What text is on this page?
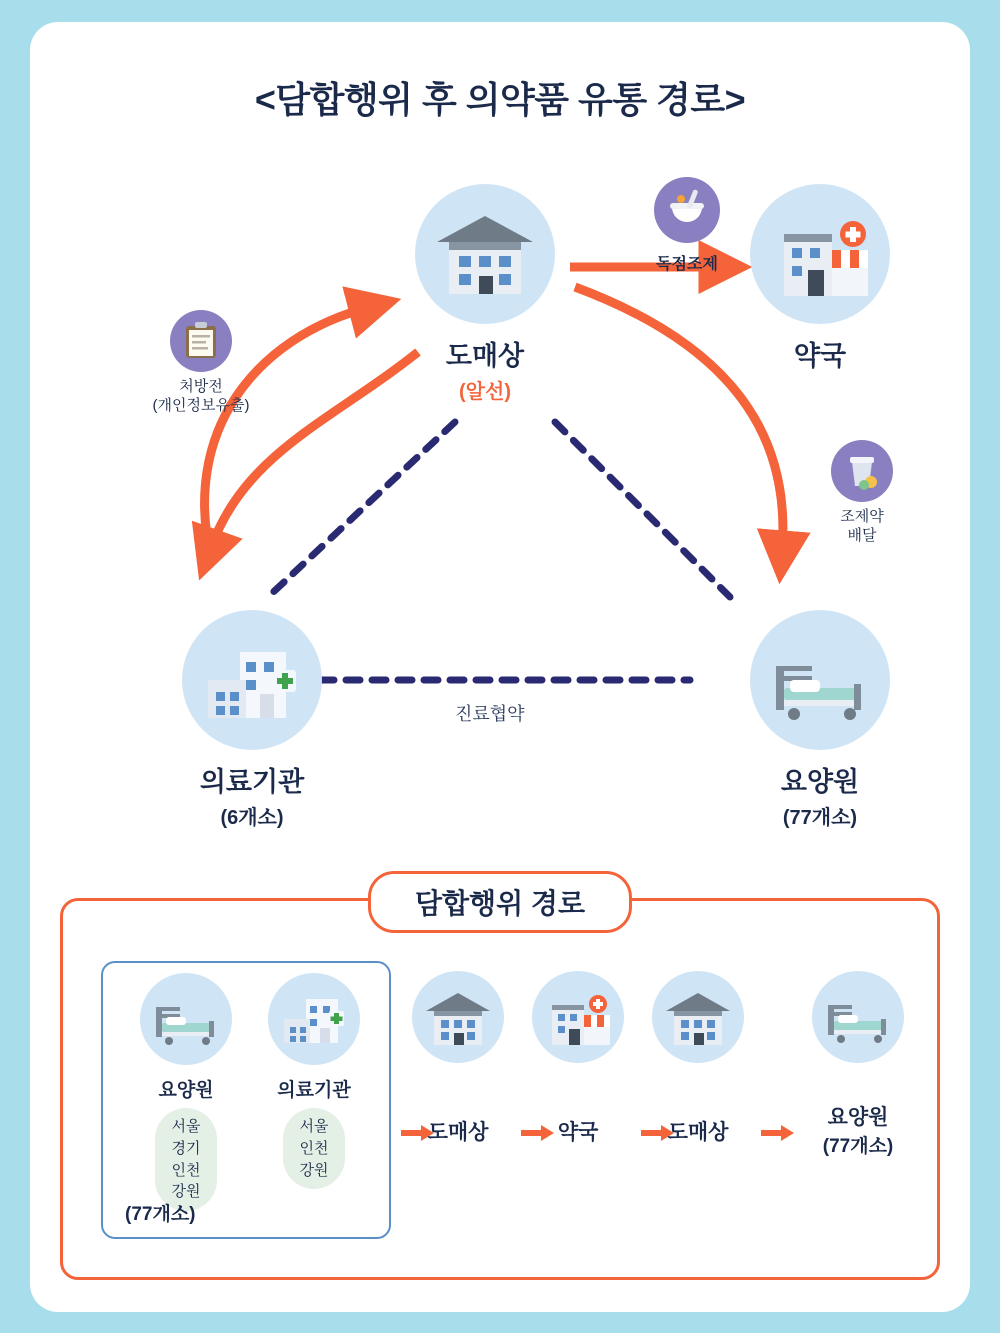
<담합행위 후 의약품 유통 경로>
도매상
(알선)
약국
의료기관
(6개소)
요양원
(77개소)
처방전
(개인정보유출)
독점조제
조제약
배달
진료협약
담합행위 경로
요양원
서울
경기
인천
강원
의료기관
서울
인천
강원
(77개소)
도매상	약국	도매상
요양원
(77개소)
